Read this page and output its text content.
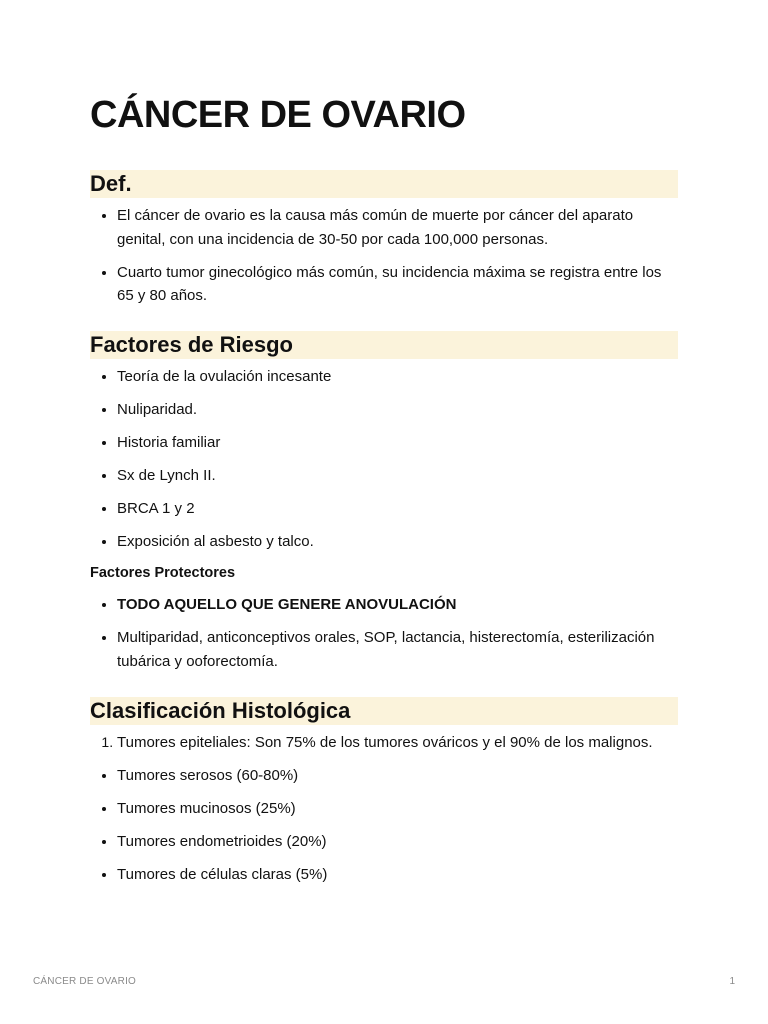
CÁNCER DE OVARIO
Def.
• El cáncer de ovario es la causa más común de muerte por cáncer del aparato genital, con una incidencia de 30-50 por cada 100,000 personas.
• Cuarto tumor ginecológico más común, su incidencia máxima se registra entre los 65 y 80 años.
Factores de Riesgo
• Teoría de la ovulación incesante
• Nuliparidad.
• Historia familiar
• Sx de Lynch II.
• BRCA 1 y 2
• Exposición al asbesto y talco.
Factores Protectores
• TODO AQUELLO QUE GENERE ANOVULACIÓN
• Multiparidad, anticonceptivos orales, SOP, lactancia, histerectomía, esterilización tubárica y ooforectomía.
Clasificación Histológica
1. Tumores epiteliales: Son 75% de los tumores ováricos y el 90% de los malignos.
• Tumores serosos (60-80%)
• Tumores mucinosos (25%)
• Tumores endometrioides (20%)
• Tumores de células claras (5%)
CÁNCER DE OVARIO	1
